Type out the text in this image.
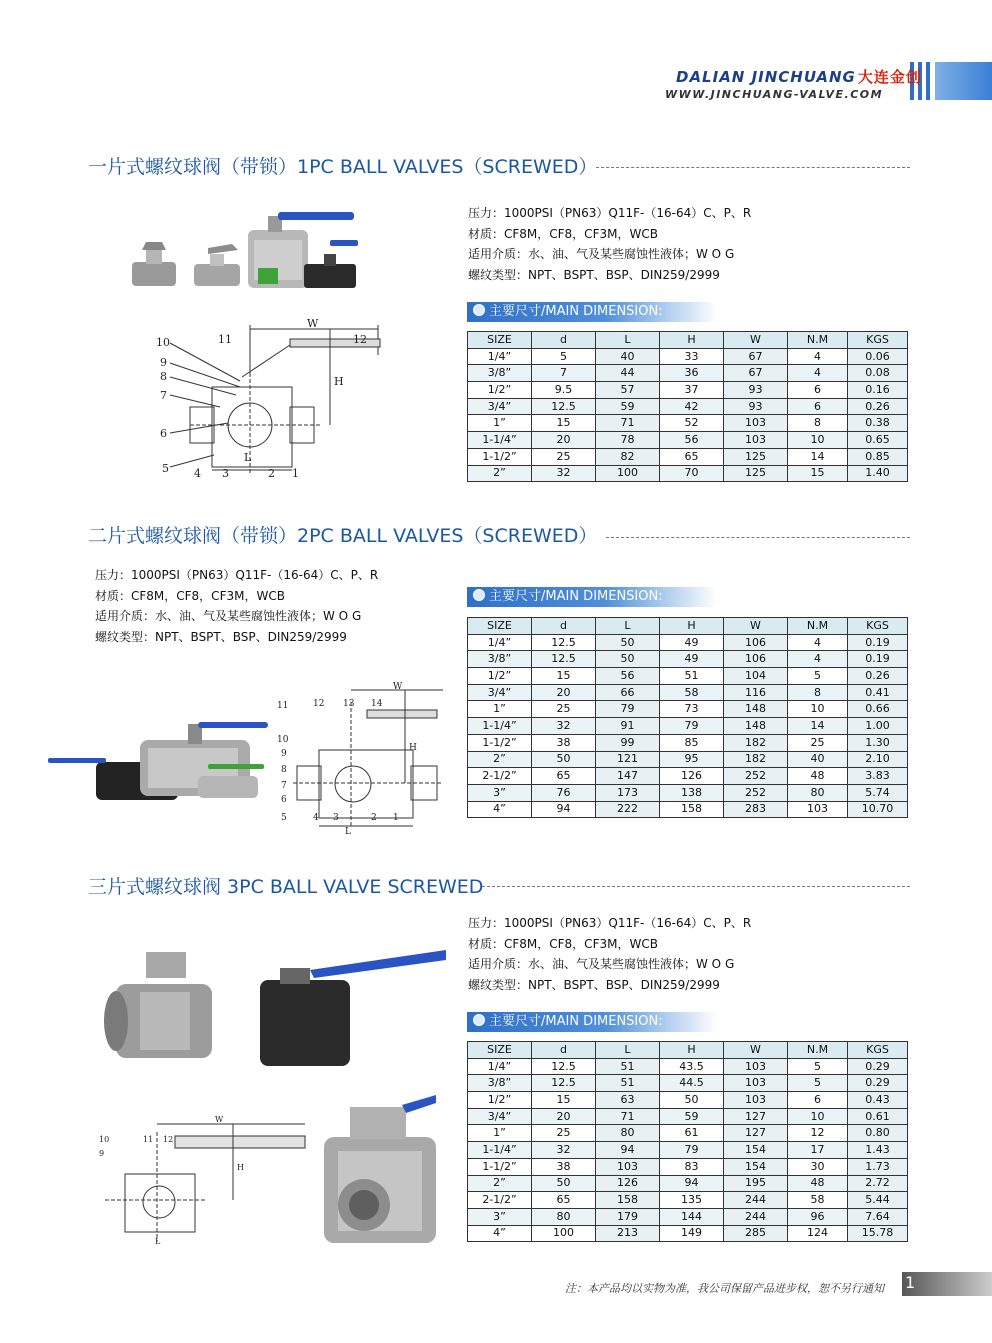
DALIAN JINCHUANG 大连金创
WWW.JINCHUANG-VALVE.COM
一片式螺纹球阀（带锁）1PC BALL VALVES（SCREWED）
W
10	11	12
9
8
7
6
5 4 3	2 1
H
L
压力：1000PSI（PN63）Q11F-（16-64）C、P、R
材质：CF8M，CF8，CF3M，WCB
适用介质：水、油、气及某些腐蚀性液体；W O G
螺纹类型：NPT、BSPT、BSP、DIN259/2999
主要尺寸/MAIN DIMENSION:
SIZE	d	L	H	W	N.M	KGS
1/4”	5	40	33	67	4	0.06
3/8”	7	44	36	67	4	0.08
1/2”	9.5	57	37	93	6	0.16
3/4”	12.5	59	42	93	6	0.26
1”	15	71	52	103	8	0.38
1-1/4”	20	78	56	103	10	0.65
1-1/2”	25	82	65	125	14	0.85
2”	32	100	70	125	15	1.40
二片式螺纹球阀（带锁）2PC BALL VALVES（SCREWED）
压力：1000PSI（PN63）Q11F-（16-64）C、P、R
材质：CF8M，CF8，CF3M，WCB
适用介质：水、油、气及某些腐蚀性液体；W O G
螺纹类型：NPT、BSPT、BSP、DIN259/2999
W
11	12 13 14
10
9
8
7
6
5	4 3	2 1
H
L
主要尺寸/MAIN DIMENSION:
SIZE	d	L	H	W	N.M	KGS
1/4”	12.5	50	49	106	4	0.19
3/8”	12.5	50	49	106	4	0.19
1/2”	15	56	51	104	5	0.26
3/4”	20	66	58	116	8	0.41
1”	25	79	73	148	10	0.66
1-1/4”	32	91	79	148	14	1.00
1-1/2”	38	99	85	182	25	1.30
2”	50	121	95	182	40	2.10
2-1/2”	65	147	126	252	48	3.83
3”	76	173	138	252	80	5.74
4”	94	222	158	283	103	10.70
三片式螺纹球阀 3PC BALL VALVE SCREWED
W
10	11 12
9
H
L
压力：1000PSI（PN63）Q11F-（16-64）C、P、R
材质：CF8M，CF8，CF3M，WCB
适用介质：水、油、气及某些腐蚀性液体；W O G
螺纹类型：NPT、BSPT、BSP、DIN259/2999
主要尺寸/MAIN DIMENSION:
SIZE	d	L	H	W	N.M	KGS
1/4”	12.5	51	43.5	103	5	0.29
3/8”	12.5	51	44.5	103	5	0.29
1/2”	15	63	50	103	6	0.43
3/4”	20	71	59	127	10	0.61
1”	25	80	61	127	12	0.80
1-1/4”	32	94	79	154	17	1.43
1-1/2”	38	103	83	154	30	1.73
2”	50	126	94	195	48	2.72
2-1/2”	65	158	135	244	58	5.44
3”	80	179	144	244	96	7.64
4”	100	213	149	285	124	15.78
注：本产品均以实物为准，我公司保留产品进步权，恕不另行通知 1
